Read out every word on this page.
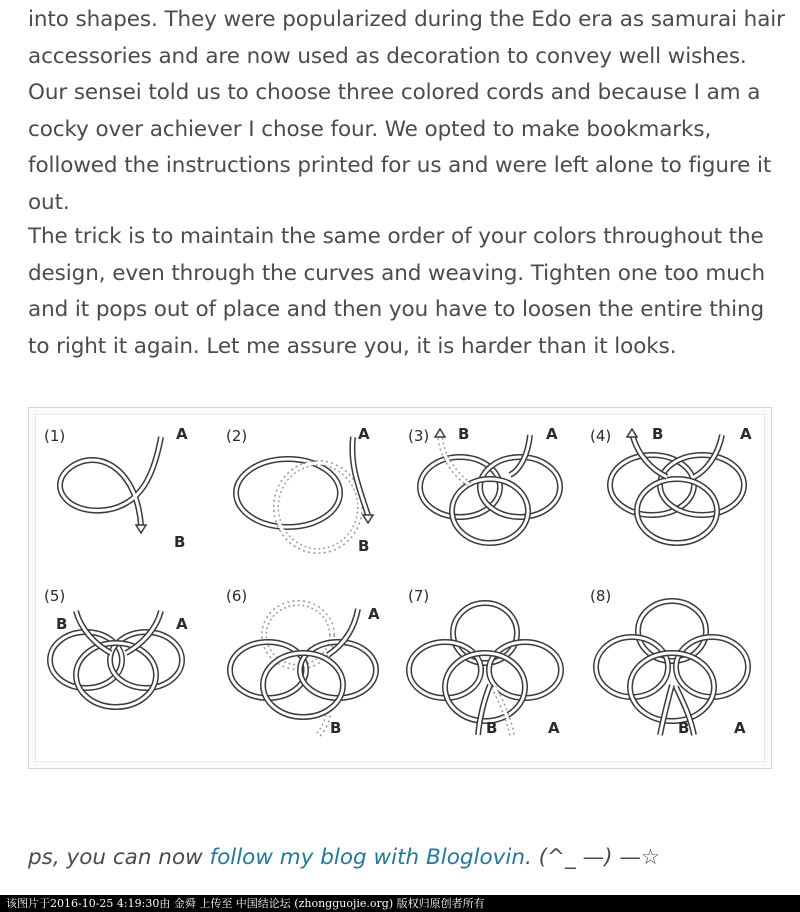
into shapes. They were popularized during the Edo era as samurai hair accessories and are now used as decoration to convey well wishes. Our sensei told us to choose three colored cords and because I am a cocky over achiever I chose four. We opted to make bookmarks, followed the instructions printed for us and were left alone to figure it out.

The trick is to maintain the same order of your colors throughout the design, even through the curves and weaving. Tighten one too much and it pops out of place and then you have to loosen the entire thing to right it again. Let me assure you, it is harder than it looks.

(1)	A
B
(2)	A
B
(3) B	A (4)	B	A
(5)
B	A
(6)
A
B
(7)
B	A
(8)
B	A
ps, you can now follow my blog with Bloglovin. (^_ —) —☆
该图片于2016-10-25 4:19:30由 金舜 上传至 中国结论坛 (zhongguojie.org) 版权归原创者所有
